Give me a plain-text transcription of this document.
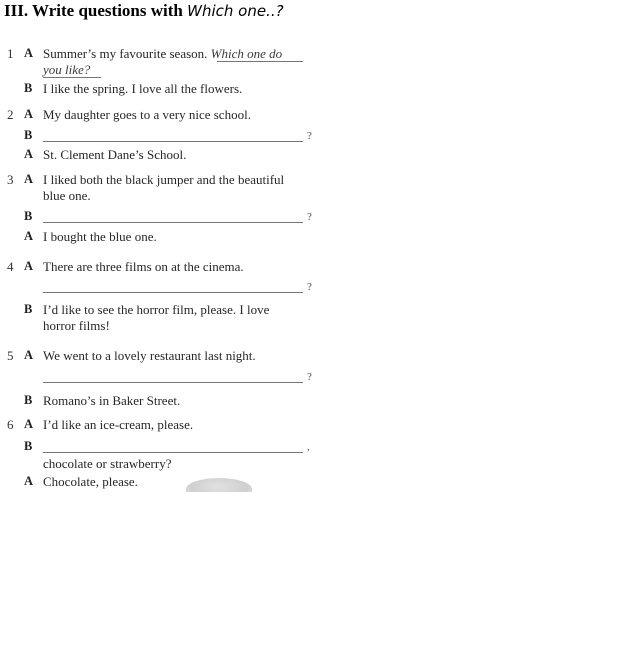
III. Write questions with Which one..?
1 A Summer’s my favourite season. Which one do you like?
B I like the spring. I love all the flowers.
2 A My daughter goes to a very nice school.
B	?
A St. Clement Dane’s School.
3 A I liked both the black jumper and the beautiful blue one.
B	?
A I bought the blue one.
4 A There are three films on at the cinema.
?
B I’d like to see the horror film, please. I love horror films!
5 A We went to a lovely restaurant last night.
?
B Romano’s in Baker Street.
6 A I’d like an ice-cream, please.
B	,
chocolate or strawberry?
A Chocolate, please.
